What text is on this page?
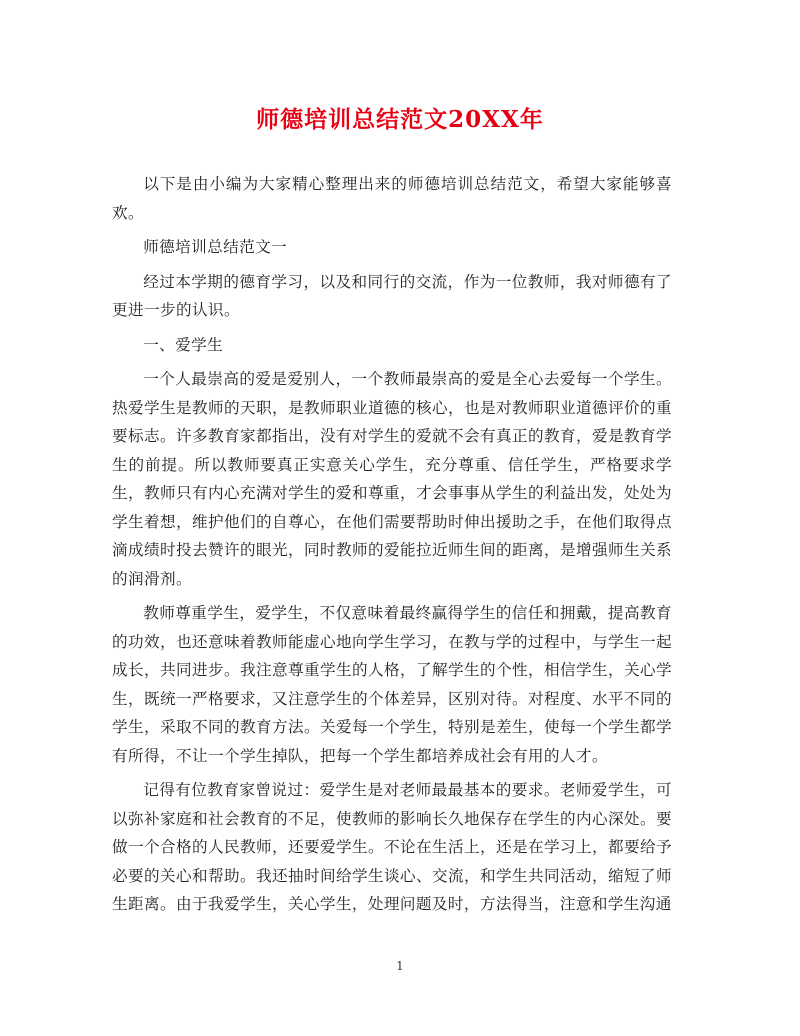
师德培训总结范文20XX年

以下是由小编为大家精心整理出来的师德培训总结范文，希望大家能够喜欢。

师德培训总结范文一

经过本学期的德育学习，以及和同行的交流，作为一位教师，我对师德有了更进一步的认识。

一、爱学生

一个人最崇高的爱是爱别人，一个教师最崇高的爱是全心去爱每一个学生。热爱学生是教师的天职，是教师职业道德的核心，也是对教师职业道德评价的重要标志。许多教育家都指出，没有对学生的爱就不会有真正的教育，爱是教育学生的前提。所以教师要真正实意关心学生，充分尊重、信任学生，严格要求学生，教师只有内心充满对学生的爱和尊重，才会事事从学生的利益出发，处处为学生着想，维护他们的自尊心，在他们需要帮助时伸出援助之手，在他们取得点滴成绩时投去赞许的眼光，同时教师的爱能拉近师生间的距离，是增强师生关系的润滑剂。

教师尊重学生，爱学生，不仅意味着最终赢得学生的信任和拥戴，提高教育的功效，也还意味着教师能虚心地向学生学习，在教与学的过程中，与学生一起成长，共同进步。我注意尊重学生的人格，了解学生的个性，相信学生，关心学生，既统一严格要求，又注意学生的个体差异，区别对待。对程度、水平不同的学生，采取不同的教育方法。关爱每一个学生，特别是差生，使每一个学生都学有所得，不让一个学生掉队，把每一个学生都培养成社会有用的人才。

记得有位教育家曾说过：爱学生是对老师最最基本的要求。老师爱学生，可以弥补家庭和社会教育的不足，使教师的影响长久地保存在学生的内心深处。要做一个合格的人民教师，还要爱学生。不论在生活上，还是在学习上，都要给予必要的关心和帮助。我还抽时间给学生谈心、交流，和学生共同活动，缩短了师生距离。由于我爱学生，关心学生，处理问题及时，方法得当，注意和学生沟通

1
